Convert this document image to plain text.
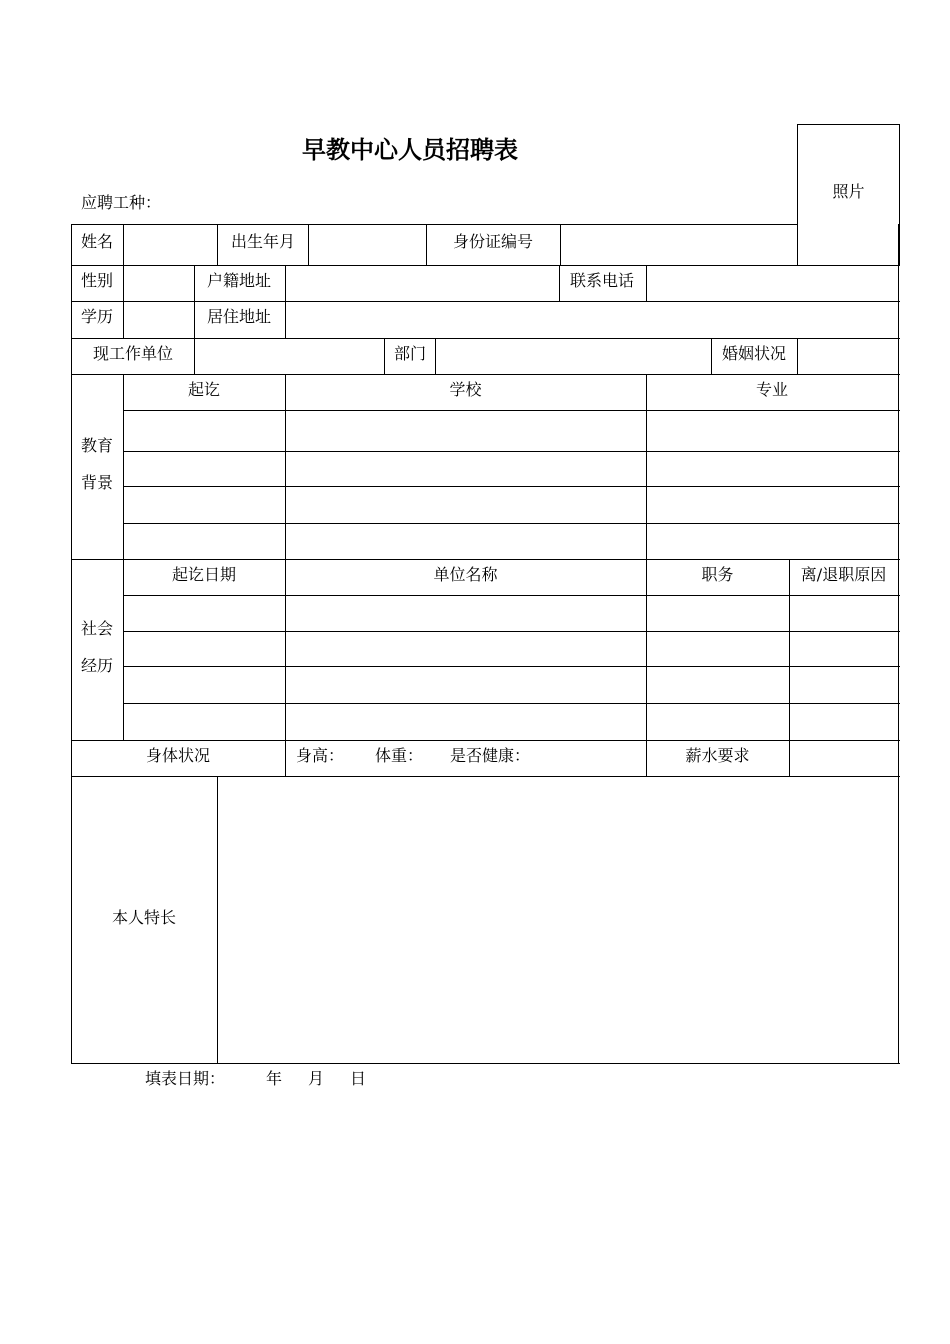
早教中心人员招聘表
应聘工种：
照片
姓名	出生年月	身份证编号
性别	户籍地址	联系电话
学历	居住地址
现工作单位	部门	婚姻状况
教育
背景
起讫	学校	专业
社会
经历
起讫日期	单位名称	职务	离/退职原因
身体状况	身高： 体重： 是否健康：	薪水要求
本人特长
填表日期：	年 月 日
